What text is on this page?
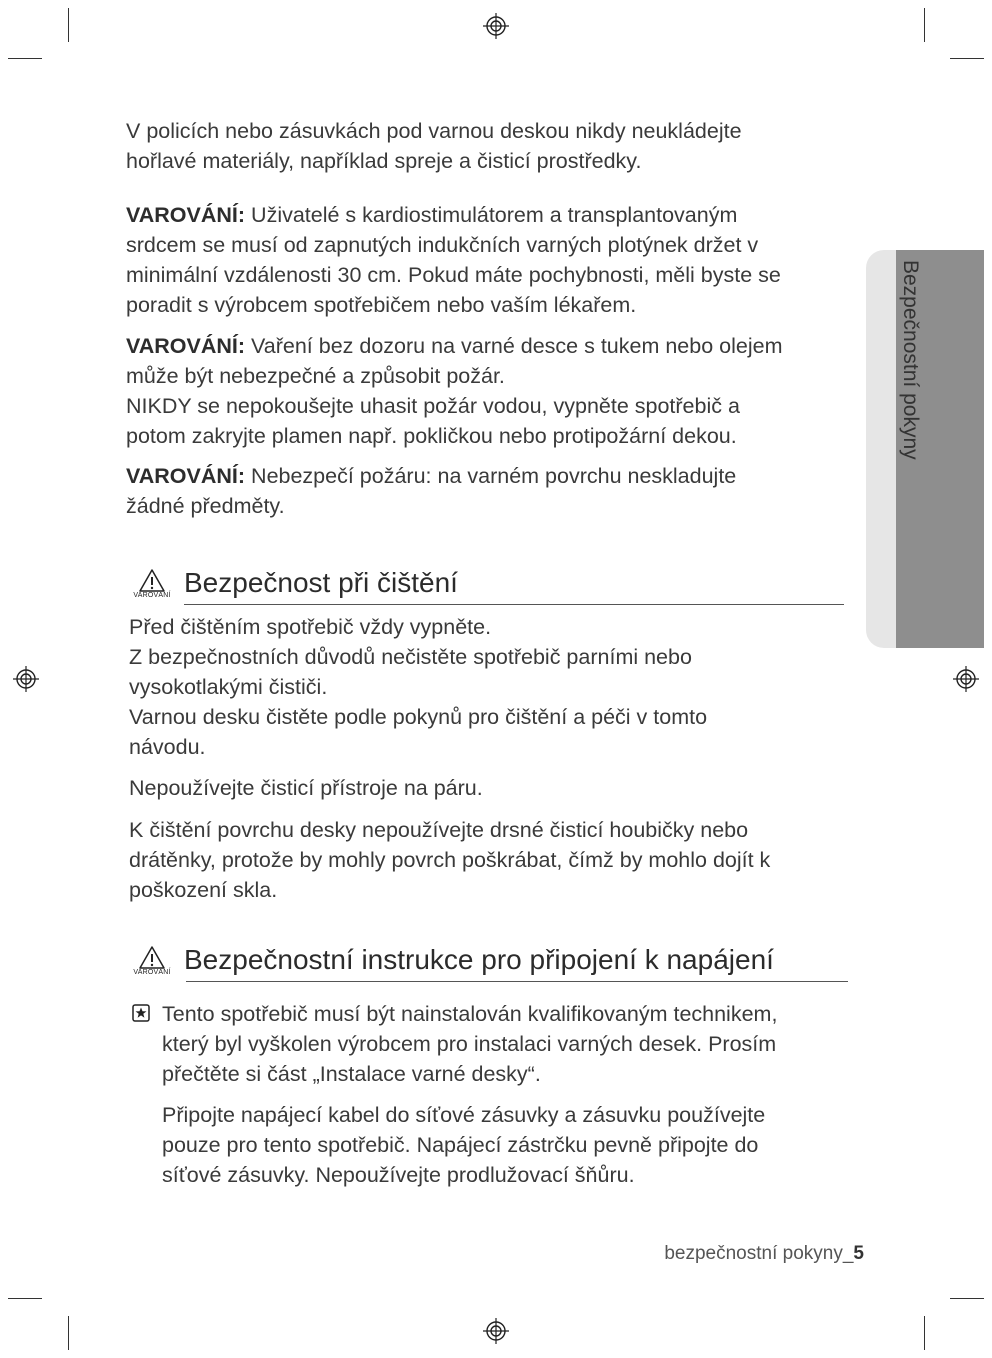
Bezpečnostní pokyny

V policích nebo zásuvkách pod varnou deskou nikdy neukládejte
hořlavé materiály, například spreje a čisticí prostředky.

VAROVÁNÍ: Uživatelé s kardiostimulátorem a transplantovaným
srdcem se musí od zapnutých indukčních varných plotýnek držet v
minimální vzdálenosti 30 cm. Pokud máte pochybnosti, měli byste se
poradit s výrobcem spotřebičem nebo vaším lékařem.

VAROVÁNÍ: Vaření bez dozoru na varné desce s tukem nebo olejem
může být nebezpečné a způsobit požár.
NIKDY se nepokoušejte uhasit požár vodou, vypněte spotřebič a
potom zakryjte plamen např. pokličkou nebo protipožární dekou.

VAROVÁNÍ: Nebezpečí požáru: na varném povrchu neskladujte
žádné předměty.

VAROVÁNÍ Bezpečnost při čištění

Před čištěním spotřebič vždy vypněte.
Z bezpečnostních důvodů nečistěte spotřebič parními nebo
vysokotlakými čističi.
Varnou desku čistěte podle pokynů pro čištění a péči v tomto
návodu.

Nepoužívejte čisticí přístroje na páru.

K čištění povrchu desky nepoužívejte drsné čisticí houbičky nebo
drátěnky, protože by mohly povrch poškrábat, čímž by mohlo dojít k
poškození skla.

VAROVÁNÍ Bezpečnostní instrukce pro připojení k napájení

Tento spotřebič musí být nainstalován kvalifikovaným technikem,
který byl vyškolen výrobcem pro instalaci varných desek. Prosím
přečtěte si část „Instalace varné desky“.

Připojte napájecí kabel do síťové zásuvky a zásuvku používejte
pouze pro tento spotřebič. Napájecí zástrčku pevně připojte do
síťové zásuvky. Nepoužívejte prodlužovací šňůru.

bezpečnostní pokyny_5
